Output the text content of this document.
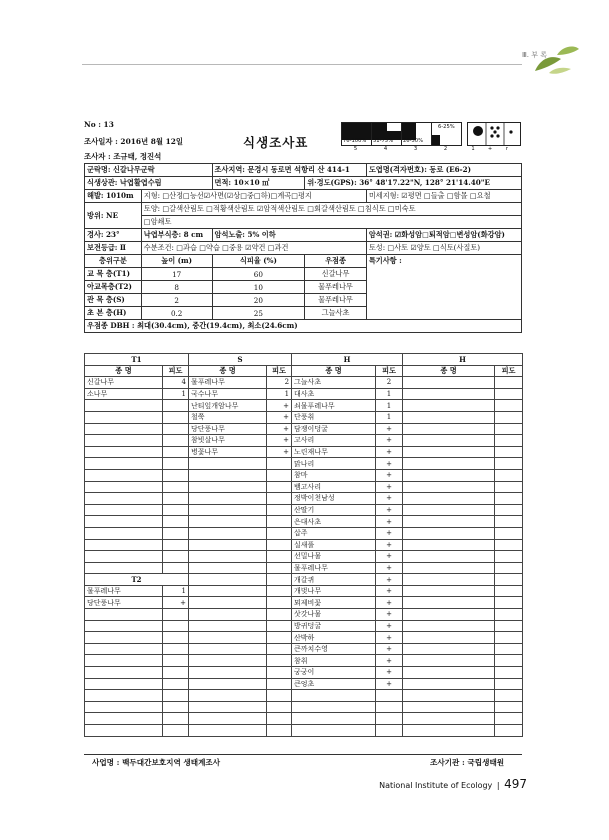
Ⅲ. 부 록
No : 13
조사일자 : 2016년 8월 12일
조사자 : 조규태, 정진석
식생조사표	76-100%
5
51-75%
4
26-50%
3
6-25%
2	1	+	r
군락명: 신갈나무군락		조사지역: 문경시 동로면 석항리 산 414-1		도엽명(격자번호): 동로 (E6-2)
식생상관: 낙엽활엽수림		면적: 10×10 ㎡	위·경도(GPS): 36° 48'17.22"N, 128° 21'14.40"E	
해발: 1010m	지형: □산정□능선☑사면(☑상□중□하)□계곡□평지			미세지형: ☑평면 □들출 □함몰 □요철
방위: NE	토양: □갈색산림토 □적황색산림토 ☑암적색산림토 □회갈색산림토 □침식토 □미숙토			
	□암쇄토			
경사: 23°	낙엽부식층: 8 cm	암석노출: 5% 이하		암석권: ☑화성암□퇴적암□변성암(화강암)
보전등급: Ⅱ	수분조건: □과습 □약습 □중용 ☑약건 □과건			토성: □사토 ☑양토 □식토(사질토)
층위구분	높이 (m)	식피율 (%)	우점종	특기사항 :
교 목 층(T1)	17	60	신갈나무	
아교목층(T2)	8	10	물푸레나무	
관 목 층(S)	2	20	물푸레나무	
초 본 층(H)	0.2	25	그늘사초	
우점종 DBH : 최대(30.4cm), 중간(19.4cm), 최소(24.6cm)				
T1		S		H		H	
종 명	피도	종 명	피도	종 명	피도	종 명	피도
신갈나무	4	물푸레나무	2	그늘사초	2		
소나무	1	국수나무	1	대사초	1		
		난티잎개암나무	+	쇠물푸레나무	1		
		철쭉	+	단풍취	1		
		당단풍나무	+	담쟁이덩굴	+		
		참빗살나무	+	고사리	+		
		병꽃나무	+	노린재나무	+		
				맑나리	+		
				참마	+		
				뱀고사리	+		
				정박이천남성	+		
				산딸기	+		
				은대사초	+		
				삽주	+		
				실새풀	+		
				선밀나물	+		
				물푸레나무	+		
T2				개갈퀴	+		
물푸레나무	1			개벚나무	+		
당단풍나무	+			뫼제비꽃	+		
				삿갓나물	+		
				방귀덩굴	+		
				산박하	+		
				큰까치수영	+		
				참취	+		
				궁궁이	+		
				큰엉초	+		

사업명 : 백두대간보호지역 생태계조사	조사기관 : 국립생태원
National Institute of Ecology | 497
